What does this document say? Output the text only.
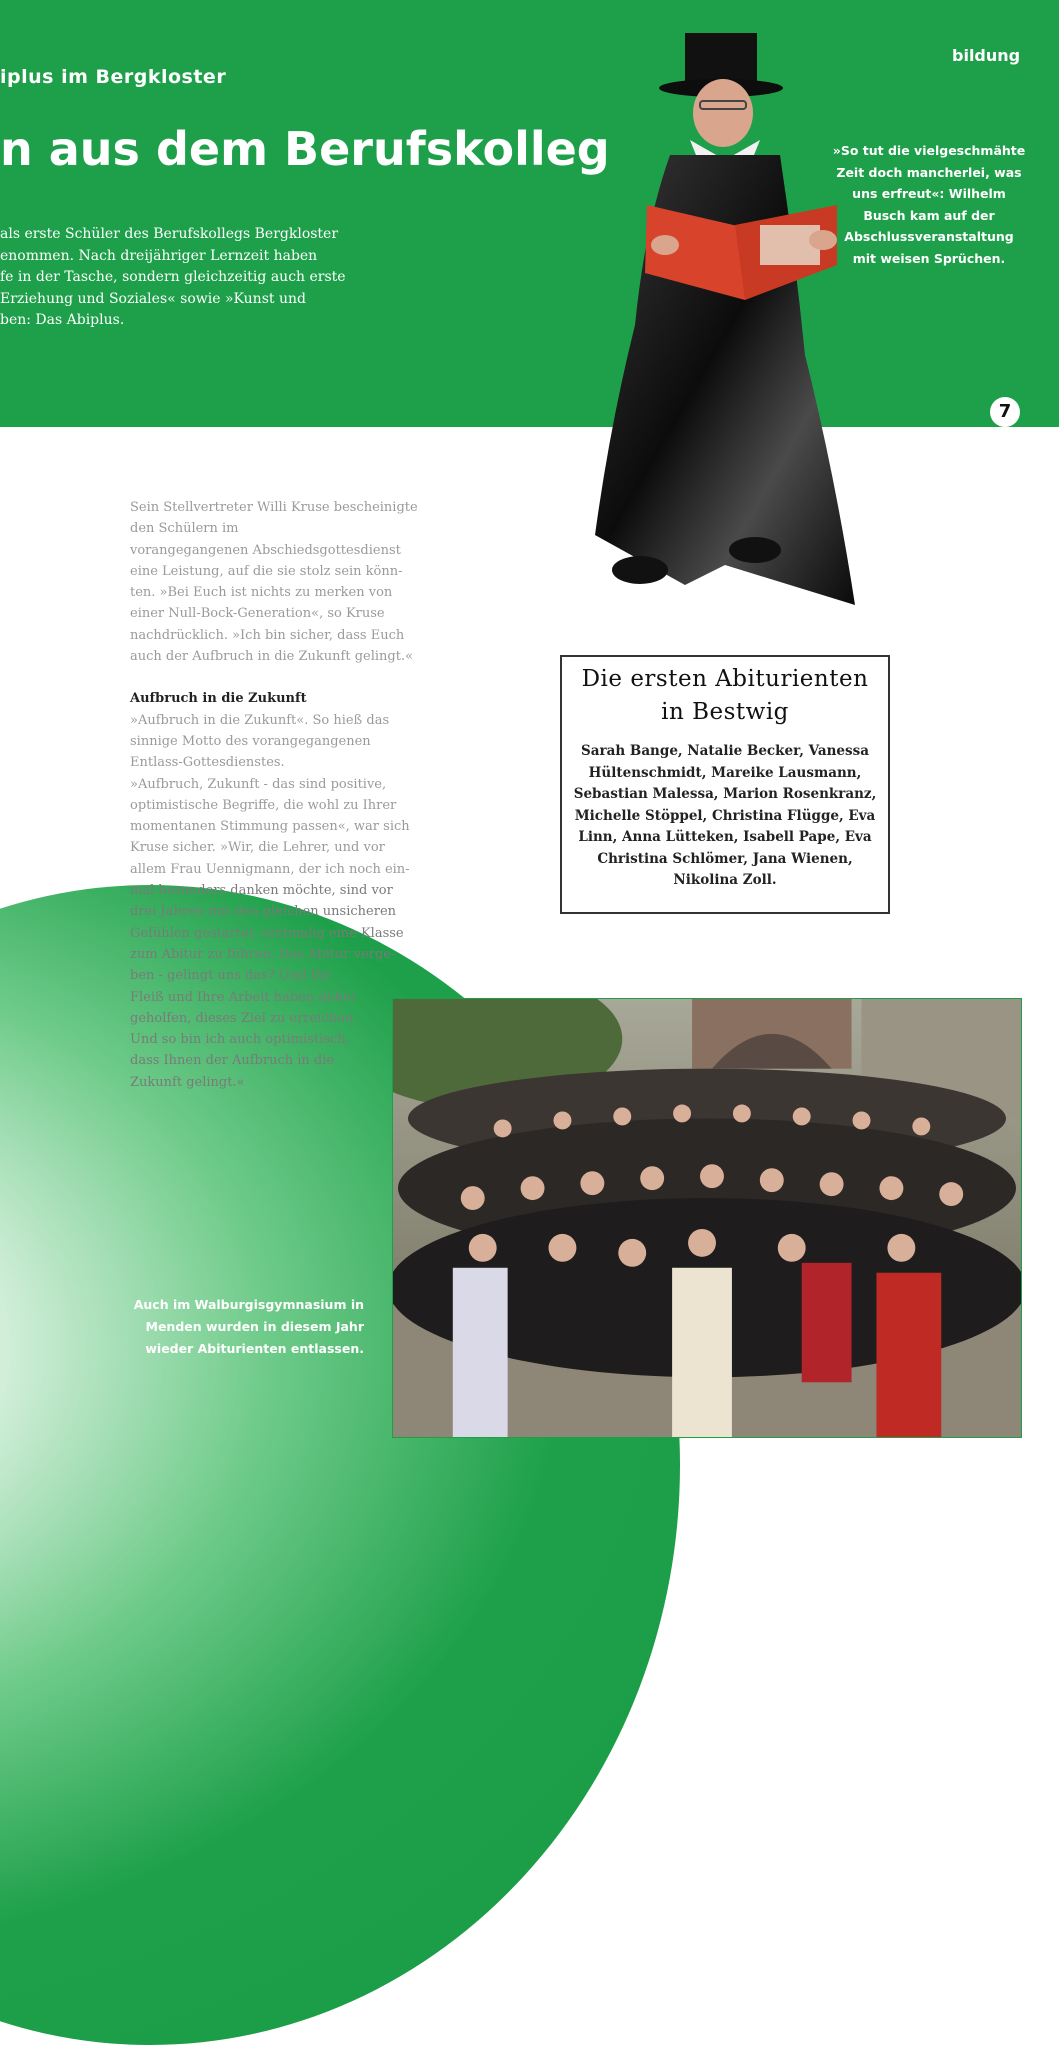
iplus im Bergkloster
n aus dem Berufskolleg
als erste Schüler des Berufskollegs Bergkloster
enommen. Nach dreijähriger Lernzeit haben
fe in der Tasche, sondern gleichzeitig auch erste
Erziehung und Soziales« sowie »Kunst und
ben: Das Abiplus.
bildung
»So tut die vielgeschmähte
Zeit doch mancherlei, was
uns erfreut«: Wilhelm
Busch kam auf der
Abschlussveranstaltung
mit weisen Sprüchen.
7
Sein Stellvertreter Willi Kruse bescheinigte
den Schülern im
vorangegangenen Abschiedsgottesdienst
eine Leistung, auf die sie stolz sein könn-
ten. »Bei Euch ist nichts zu merken von
einer Null-Bock-Generation«, so Kruse
nachdrücklich. »Ich bin sicher, dass Euch
auch der Aufbruch in die Zukunft gelingt.«
Aufbruch in die Zukunft
»Aufbruch in die Zukunft«. So hieß das
sinnige Motto des vorangegangenen
Entlass-Gottesdienstes.
»Aufbruch, Zukunft - das sind positive,
optimistische Begriffe, die wohl zu Ihrer
momentanen Stimmung passen«, war sich
Kruse sicher. »Wir, die Lehrer, und vor
allem Frau Uennigmann, der ich noch ein-
mal besonders danken möchte, sind vor
drei Jahren mit den gleichen unsicheren
Gefühlen gestartet, erstmalig eine Klasse
zum Abitur zu führen. Das Abitur verge-
ben - gelingt uns das? Und Ihr
Fleiß und Ihre Arbeit haben dabei
geholfen, dieses Ziel zu erreichen.
Und so bin ich auch optimistisch,
dass Ihnen der Aufbruch in die
Zukunft gelingt.«
Die ersten Abiturienten
in Bestwig
Sarah Bange, Natalie Becker, Vanessa
Hültenschmidt, Mareike Lausmann,
Sebastian Malessa, Marion Rosenkranz,
Michelle Stöppel, Christina Flügge, Eva
Linn, Anna Lütteken, Isabell Pape, Eva
Christina Schlömer, Jana Wienen,
Nikolina Zoll.
Auch im Walburgisgymnasium in
Menden wurden in diesem Jahr
wieder Abiturienten entlassen.
